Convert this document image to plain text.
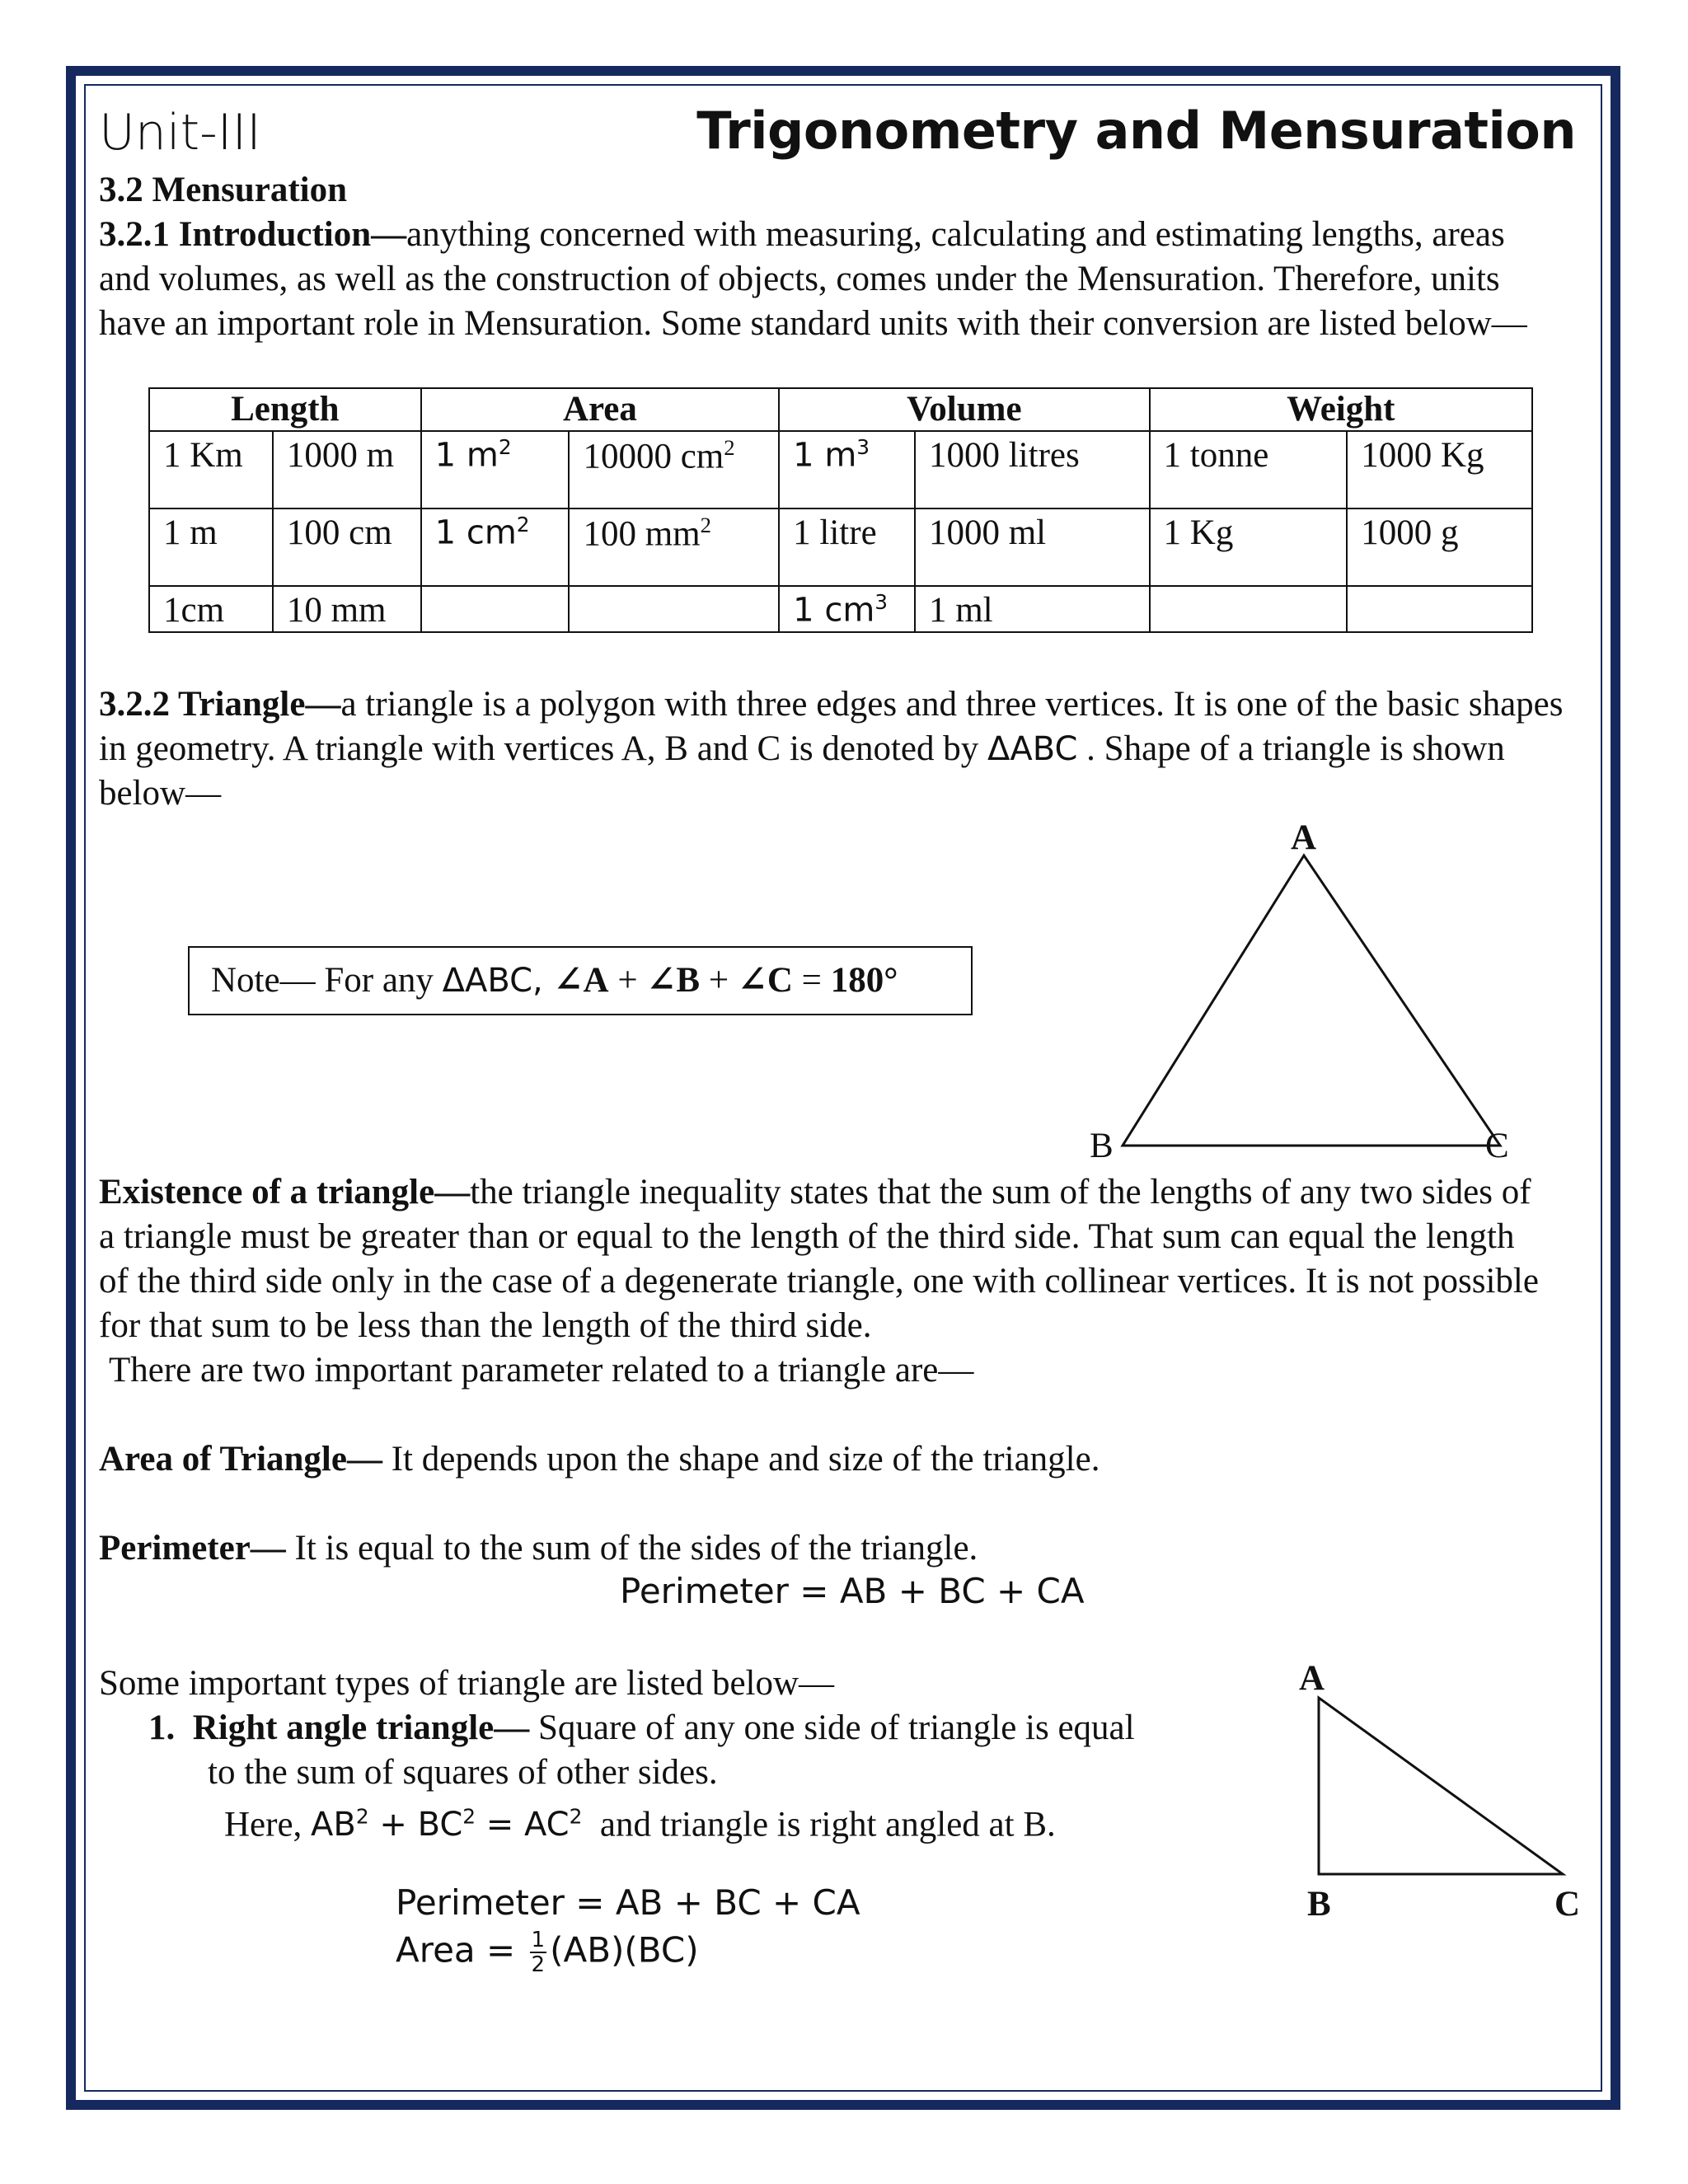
Unit-III	Trigonometry and Mensuration

3.2 Mensuration

3.2.1 Introduction—anything concerned with measuring, calculating and estimating lengths, areas and volumes, as well as the construction of objects, comes under the Mensuration. Therefore, units have an important role in Mensuration. Some standard units with their conversion are listed below—

Length		Area		Volume		Weight	
1 Km	1000 m	1 $m^2$	10000 $cm^2$	1 $m^3$	1000 litres	1 tonne	1000 Kg
1 m	100 cm	1 $cm^2$	100 $mm^2$	1 litre	1000 ml	1 Kg	1000 g
1cm	10 mm			1 $cm^3$	1 ml		

3.2.2 Triangle—a triangle is a polygon with three edges and three vertices. It is one of the basic shapes in geometry. A triangle with vertices A, B and C is denoted by ΔABC . Shape of a triangle is shown below—

Note— For any ΔABC, ∠A + ∠B + ∠C = 180°
A
B	C

Existence of a triangle—the triangle inequality states that the sum of the lengths of any two sides of a triangle must be greater than or equal to the length of the third side. That sum can equal the length of the third side only in the case of a degenerate triangle, one with collinear vertices. It is not possible for that sum to be less than the length of the third side.

There are two important parameter related to a triangle are—

Area of Triangle— It depends upon the shape and size of the triangle.

Perimeter— It is equal to the sum of the sides of the triangle.

Perimeter = AB + BC + CA

Some important types of triangle are listed below—

1. Right angle triangle— Square of any one side of triangle is equal

to the sum of squares of other sides.

Here, $AB^2 + BC^2 = AC^2$ and triangle is right angled at B.

Perimeter = AB + BC + CA
Area = $\frac{1}{2} (AB)(BC)$
A
B	C
